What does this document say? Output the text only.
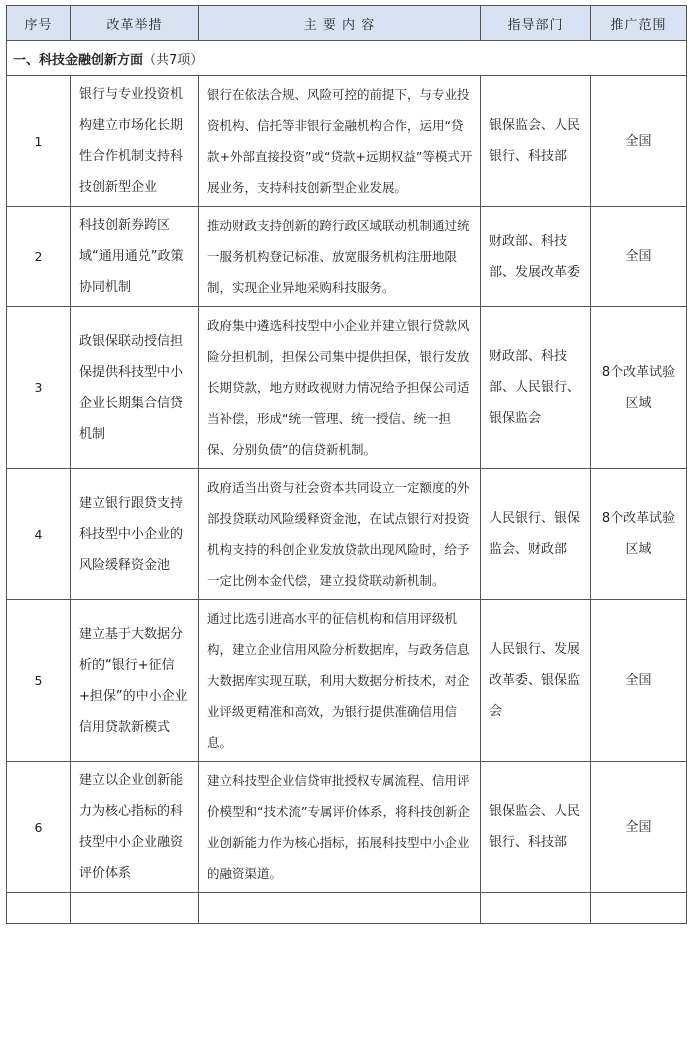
序号	改革举措	主 要 内 容	指导部门	推广范围
一、科技金融创新方面（共7项）				
1	银行与专业投资机构建立市场化长期性合作机制支持科技创新型企业	银行在依法合规、风险可控的前提下，与专业投资机构、信托等非银行金融机构合作，运用“贷款+外部直接投资”或“贷款+远期权益”等模式开展业务，支持科技创新型企业发展。	银保监会、人民银行、科技部	全国
2	科技创新券跨区域“通用通兑”政策协同机制	推动财政支持创新的跨行政区域联动机制通过统一服务机构登记标准、放宽服务机构注册地限制，实现企业异地采购科技服务。	财政部、科技部、发展改革委	全国
3	政银保联动授信担保提供科技型中小企业长期集合信贷机制	政府集中遴选科技型中小企业并建立银行贷款风险分担机制，担保公司集中提供担保，银行发放长期贷款，地方财政视财力情况给予担保公司适当补偿，形成“统一管理、统一授信、统一担保、分别负债”的信贷新机制。	财政部、科技部、人民银行、银保监会	8个改革试验区域
4	建立银行跟贷支持科技型中小企业的风险缓释资金池	政府适当出资与社会资本共同设立一定额度的外部投贷联动风险缓释资金池，在试点银行对投资机构支持的科创企业发放贷款出现风险时，给予一定比例本金代偿，建立投贷联动新机制。	人民银行、银保监会、财政部	8个改革试验区域
5	建立基于大数据分析的“银行+征信+担保”的中小企业信用贷款新模式	通过比选引进高水平的征信机构和信用评级机构，建立企业信用风险分析数据库，与政务信息大数据库实现互联，利用大数据分析技术，对企业评级更精准和高效，为银行提供准确信用信息。	人民银行、发展改革委、银保监会	全国
6	建立以企业创新能力为核心指标的科技型中小企业融资评价体系	建立科技型企业信贷审批授权专属流程、信用评价模型和“技术流”专属评价体系，将科技创新企业创新能力作为核心指标，拓展科技型中小企业的融资渠道。	银保监会、人民银行、科技部	全国
